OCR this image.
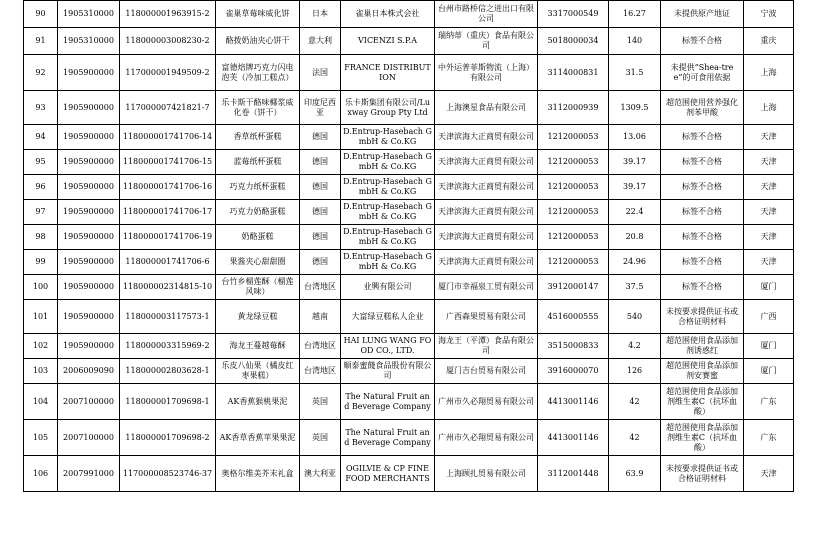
90	1905310000	118000001963915-2	雀巢草莓味威化饼	日本	雀巢日本株式会社	台州市路桥信之进出口有限公司	3317000549	16.27	未提供原产地证	宁波
91	1905310000	118000003008230-2	酪拨奶油夹心饼干	意大利	VICENZI S.P.A	瑞纳蒂（重庆）食品有限公司	5018000034	140	标签不合格	重庆
92	1905900000	117000001949509-2	富德焙牌巧克力闪电泡芙（冷加工糕点）	法国	FRANCE DISTRIBUTION	中外运普菲斯物流（上海）有限公司	3114000831	31.5	未提供“Shea-tree”的可食用依据	上海
93	1905900000	117000007421821-7	乐卡斯干酪味椰浆威化卷（饼干）	印度尼西亚	乐卡斯集团有限公司/Luxway Group Pty Ltd	上海澳星食品有限公司	3112000939	1309.5	超范围使用营养强化剂苯甲酸	上海
94	1905900000	118000001741706-14	香草纸杯蛋糕	德国	D.Entrup-Hasebach GmbH & Co.KG	天津滨海大正商贸有限公司	1212000053	13.06	标签不合格	天津
95	1905900000	118000001741706-15	蓝莓纸杯蛋糕	德国	D.Entrup-Hasebach GmbH & Co.KG	天津滨海大正商贸有限公司	1212000053	39.17	标签不合格	天津
96	1905900000	118000001741706-16	巧克力纸杯蛋糕	德国	D.Entrup-Hasebach GmbH & Co.KG	天津滨海大正商贸有限公司	1212000053	39.17	标签不合格	天津
97	1905900000	118000001741706-17	巧克力奶酪蛋糕	德国	D.Entrup-Hasebach GmbH & Co.KG	天津滨海大正商贸有限公司	1212000053	22.4	标签不合格	天津
98	1905900000	118000001741706-19	奶酪蛋糕	德国	D.Entrup-Hasebach GmbH & Co.KG	天津滨海大正商贸有限公司	1212000053	20.8	标签不合格	天津
99	1905900000	118000001741706-6	果酱夹心甜甜圈	德国	D.Entrup-Hasebach GmbH & Co.KG	天津滨海大正商贸有限公司	1212000053	24.96	标签不合格	天津
100	1905900000	118000002314815-10	台竹乡榴莲酥（榴莲风味）	台湾地区	业興有限公司	厦门市幸福泉工贸有限公司	3912000147	37.5	标签不合格	厦门
101	1905900000	118000003117573-1	黄龙绿豆糕	越南	大富绿豆糕私人企业	广西森果贸易有限公司	4516000555	540	未按要求提供证书或合格证明材料	广西
102	1905900000	118000003315969-2	海龙王蔓越莓酥	台湾地区	HAI LUNG WANG FOOD CO., LTD.	海龙王（平潭）食品有限公司	3515000833	4.2	超范围使用食品添加剂诱惑红	厦门
103	2006009090	118000002803628-1	乐皮八仙果（橘皮红枣果糕）	台湾地区	順泰蜜餞食品股份有限公司	厦门吉台贸易有限公司	3916000070	126	超范围使用食品添加剂安赛蜜	厦门
104	2007100000	118000001709698-1	AK香蕉猴桃果泥	英国	The Natural Fruit and Beverage Company	广州市久必翔贸易有限公司	4413001146	42	超范围使用食品添加剂维生素C（抗坏血酸）	广东
105	2007100000	118000001709698-2	AK香草香蕉苹果果泥	英国	The Natural Fruit and Beverage Company	广州市久必翔贸易有限公司	4413001146	42	超范围使用食品添加剂维生素C（抗坏血酸）	广东
106	2007991000	117000008523746-37	奥格尔维美芥末礼盒	澳大利亚	OGILVIE & CP FINE FOOD MERCHANTS	上海顾扎贸易有限公司	3112001448	63.9	未按要求提供证书或合格证明材料	天津
